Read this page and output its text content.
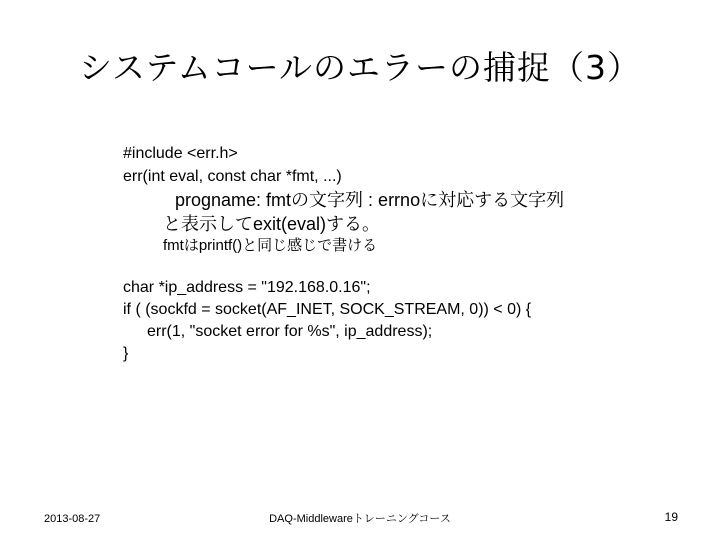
システムコールのエラーの捕捉（3）
#include <err.h>
err(int eval, const char *fmt, ...)
progname: fmtの文字列 : errnoに対応する文字列
と表示してexit(eval)する。
fmtはprintf()と同じ感じで書ける
char *ip_address = "192.168.0.16";
if ( (sockfd = socket(AF_INET, SOCK_STREAM, 0)) < 0) {
err(1, "socket error for %s", ip_address);
}
2013-08-27	DAQ-Middlewareトレーニングコース	19
